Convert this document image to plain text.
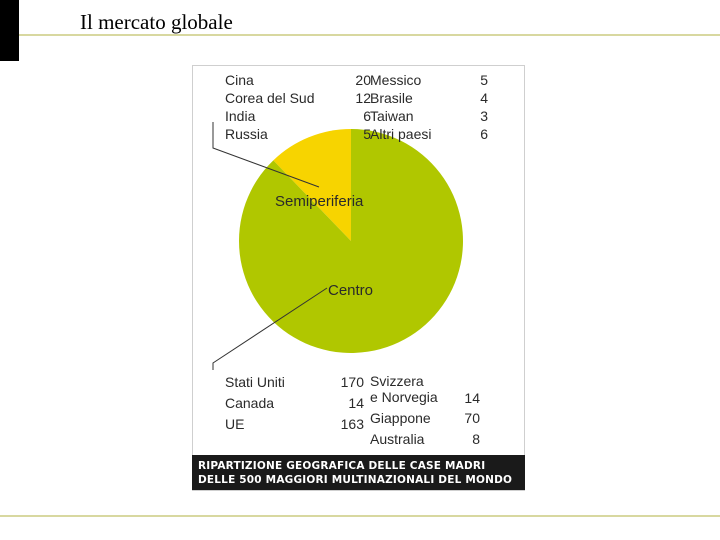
Il mercato globale
Semiperiferia
Centro
Cina	20
Corea del Sud	12
India	6
Russia	5
Messico	5
Brasile	4
Taiwan	3
Altri paesi	6
Stati Uniti	170
Canada	14
UE	163
Svizzera
e Norvegia	14
Giappone	70
Australia	8
RIPARTIZIONE GEOGRAFICA DELLE CASE MADRI
DELLE 500 MAGGIORI MULTINAZIONALI DEL MONDO
